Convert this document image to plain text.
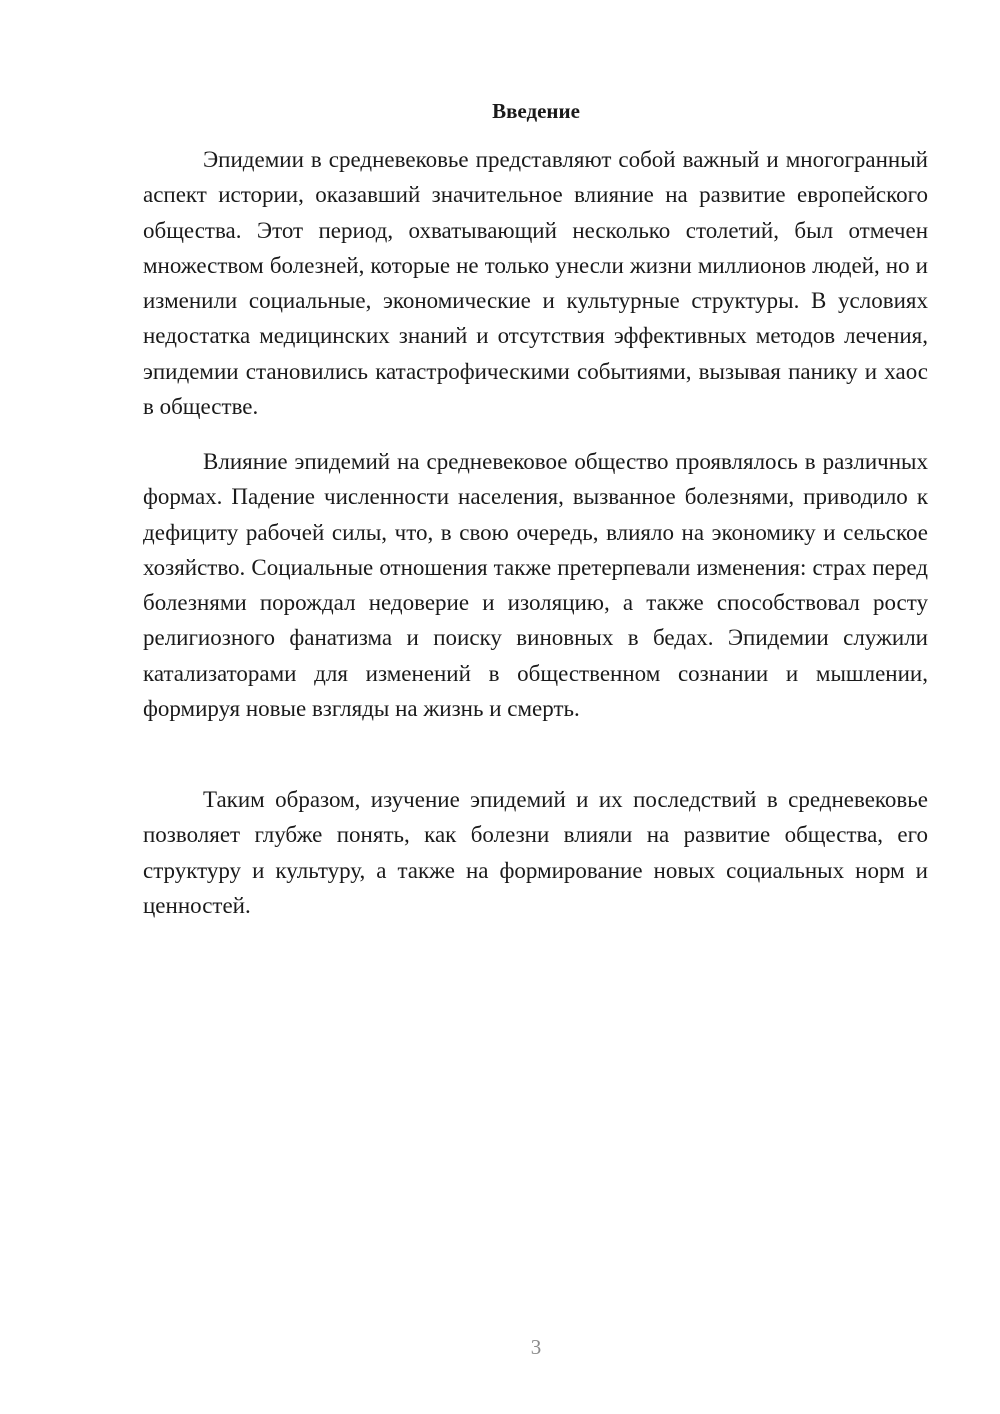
Введение

Эпидемии в средневековье представляют собой важный и многогранный аспект истории, оказавший значительное влияние на развитие европейского общества. Этот период, охватывающий несколько столетий, был отмечен множеством болезней, которые не только унесли жизни миллионов людей, но и изменили социальные, экономические и культурные структуры. В условиях недостатка медицинских знаний и отсутствия эффективных методов лечения, эпидемии становились катастрофическими событиями, вызывая панику и хаос в обществе.

Влияние эпидемий на средневековое общество проявлялось в различных формах. Падение численности населения, вызванное болезнями, приводило к дефициту рабочей силы, что, в свою очередь, влияло на экономику и сельское хозяйство. Социальные отношения также претерпевали изменения: страх перед болезнями порождал недоверие и изоляцию, а также способствовал росту религиозного фанатизма и поиску виновных в бедах. Эпидемии служили катализаторами для изменений в общественном сознании и мышлении, формируя новые взгляды на жизнь и смерть.

Таким образом, изучение эпидемий и их последствий в средневековье позволяет глубже понять, как болезни влияли на развитие общества, его структуру и культуру, а также на формирование новых социальных норм и ценностей.

3
